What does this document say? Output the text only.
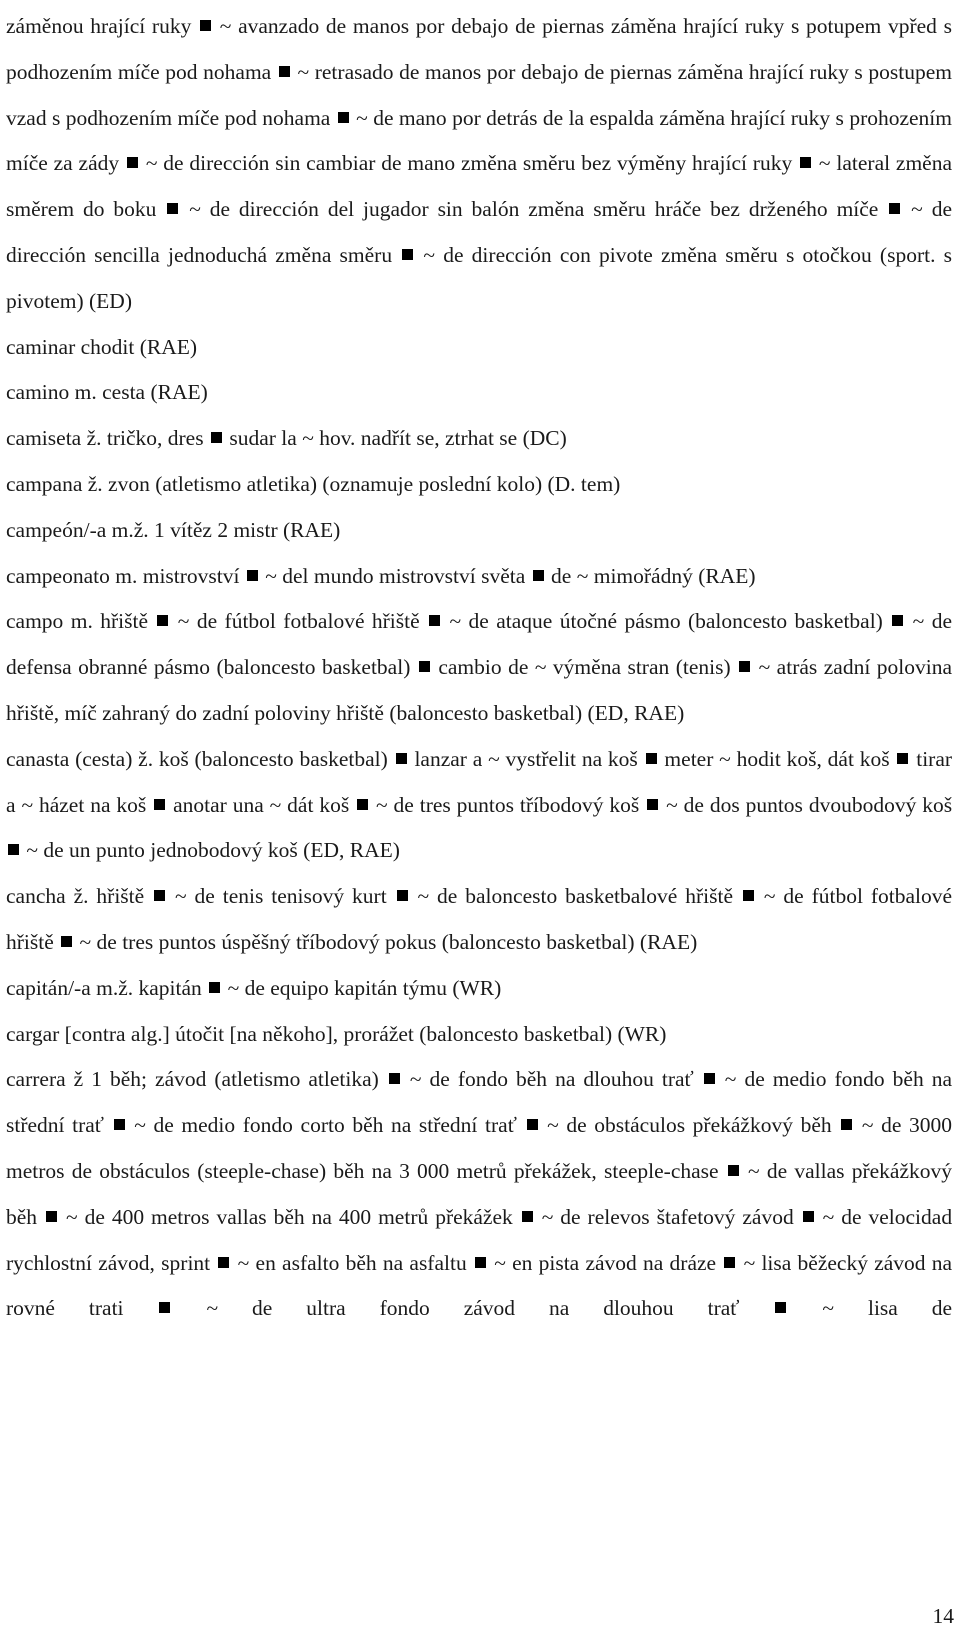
záměnou hrající ruky ~ avanzado de manos por debajo de piernas záměna hrající ruky s potupem vpřed s podhozením míče pod nohama ~ retrasado de manos por debajo de piernas záměna hrající ruky s postupem vzad s podhozením míče pod nohama ~ de mano por detrás de la espalda záměna hrající ruky s prohozením míče za zády ~ de dirección sin cambiar de mano změna směru bez výměny hrající ruky ~ lateral změna směrem do boku ~ de dirección del jugador sin balón změna směru hráče bez drženého míče ~ de dirección sencilla jednoduchá změna směru ~ de dirección con pivote změna směru s otočkou (sport. s pivotem) (ED)

caminar chodit (RAE)

camino m. cesta (RAE)

camiseta ž. tričko, dres sudar la ~ hov. nadřít se, ztrhat se (DC)

campana ž. zvon (atletismo atletika) (oznamuje poslední kolo) (D. tem)

campeón/-a m.ž. 1 vítěz 2 mistr (RAE)

campeonato m. mistrovství ~ del mundo mistrovství světa de ~ mimořádný (RAE)

campo m. hřiště ~ de fútbol fotbalové hřiště ~ de ataque útočné pásmo (baloncesto basketbal) ~ de defensa obranné pásmo (baloncesto basketbal) cambio de ~ výměna stran (tenis) ~ atrás zadní polovina hřiště, míč zahraný do zadní poloviny hřiště (baloncesto basketbal) (ED, RAE)

canasta (cesta) ž. koš (baloncesto basketbal) lanzar a ~ vystřelit na koš meter ~ hodit koš, dát koš tirar a ~ házet na koš anotar una ~ dát koš ~ de tres puntos tříbodový koš ~ de dos puntos dvoubodový koš  ~ de un punto jednobodový koš (ED, RAE)

cancha ž. hřiště ~ de tenis tenisový kurt ~ de baloncesto basketbalové hřiště ~ de fútbol fotbalové hřiště ~ de tres puntos úspěšný tříbodový pokus (baloncesto basketbal) (RAE)

capitán/-a m.ž. kapitán ~ de equipo kapitán týmu (WR)

cargar [contra alg.] útočit [na někoho], prorážet (baloncesto basketbal) (WR)

carrera ž 1 běh; závod (atletismo atletika) ~ de fondo běh na dlouhou trať ~ de medio fondo běh na střední trať ~ de medio fondo corto běh na střední trať ~ de obstáculos překážkový běh ~ de 3000 metros de obstáculos (steeple-chase) běh na 3 000 metrů překážek, steeple-chase ~ de vallas překážkový běh ~ de 400 metros vallas běh na 400 metrů překážek ~ de relevos štafetový závod ~ de velocidad rychlostní závod, sprint ~ en asfalto běh na asfaltu ~ en pista závod na dráze ~ lisa běžecký závod na rovné trati	~ de ultra fondo závod na dlouhou trať	~ lisa de

14
